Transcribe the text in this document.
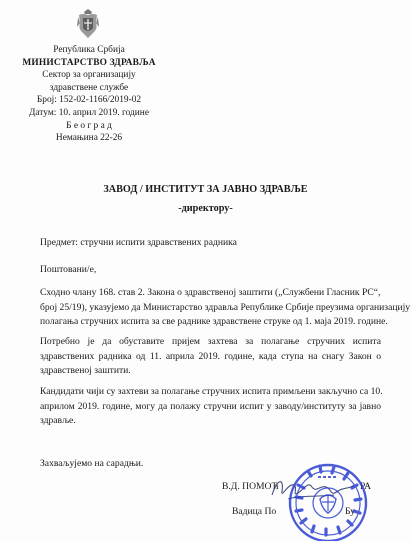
Република Србија
МИНИСТАРСТВО ЗДРАВЉА
Сектор за организацију
здравствене службе
Број: 152-02-1166/2019-02
Датум: 10. април 2019. године
Б е о г р а д
Немањина 22-26
ЗАВОД / ИНСТИТУТ ЗА ЈАВНО ЗДРАВЉЕ
-директору-
Предмет: стручни испити здравствених радника
Поштовани/е,
Сходно члану 168. став 2. Закона о здравственој заштити („Службени Гласник РС“,
број 25/19), указујемо да Министарство здравља Републике Србије преузима организацију
полагања стручних испита за све раднике здравствене струке од 1. маја 2019. године.
Потребно је да обуставите пријем захтева за полагање стручних испита
здравствених радника од 11. априла 2019. године, када ступа на снагу Закон о
здравственој заштити.
Кандидати чији су захтеви за полагање стручних испита примљени закључно са 10.
априлом 2019. године, могу да полажу стручни испит у заводу/институту за јавно
здравље.
Захваљујемо на сарадњи.
В.Д. ПОМОЋ	РА
Вадица По	Бу
